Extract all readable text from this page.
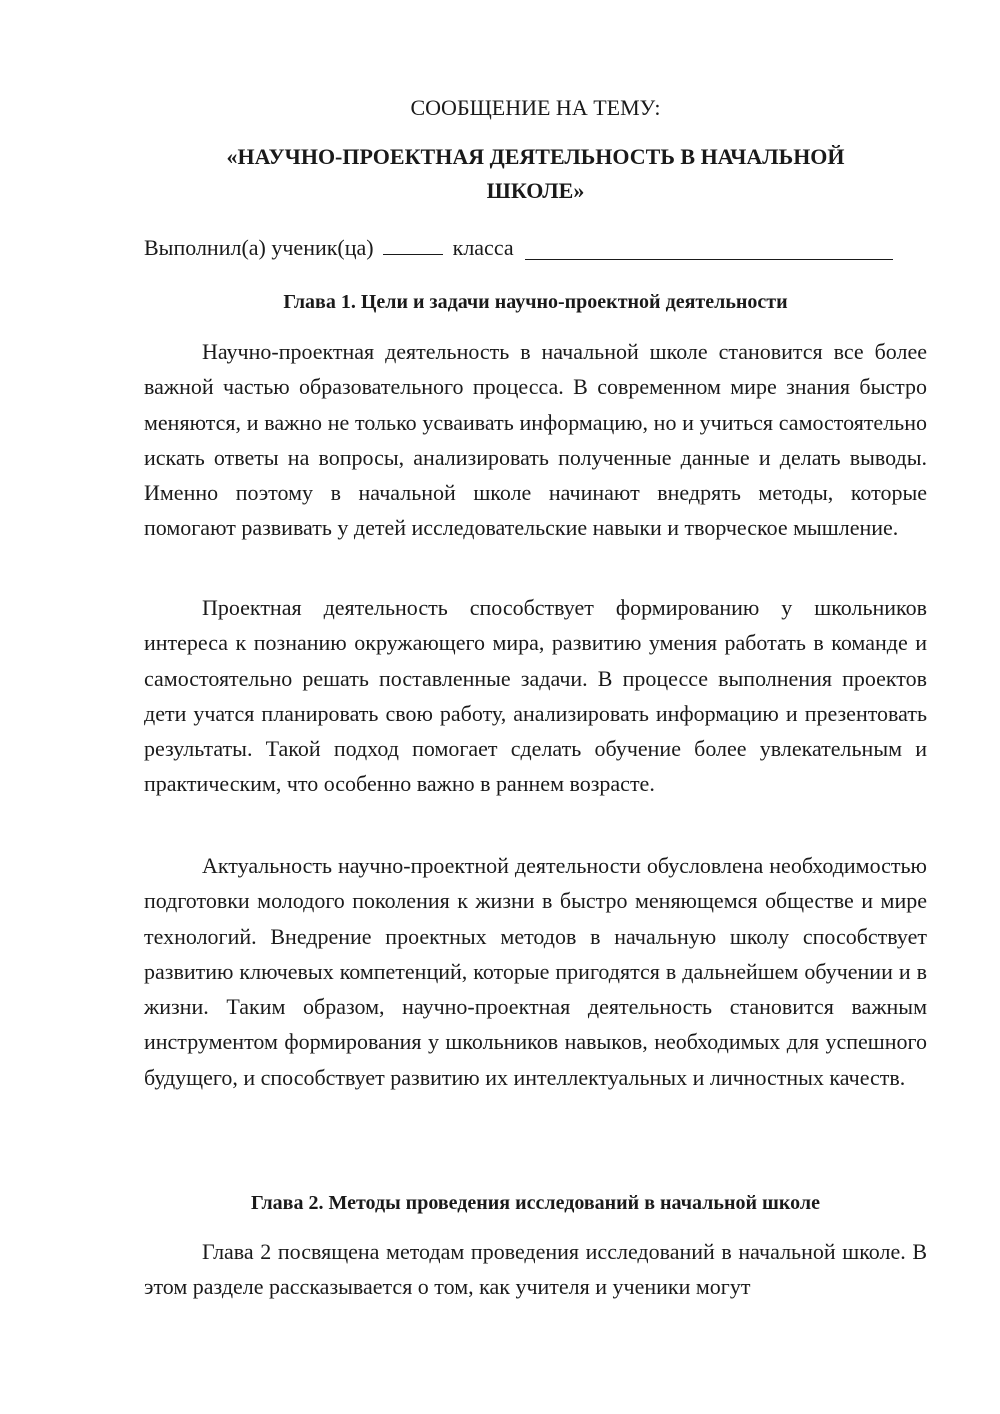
СООБЩЕНИЕ НА ТЕМУ:
«НАУЧНО-ПРОЕКТНАЯ ДЕЯТЕЛЬНОСТЬ В НАЧАЛЬНОЙ
ШКОЛЕ»
Выполнил(а) ученик(ца)	класса
Глава 1. Цели и задачи научно-проектной деятельности

Научно-проектная деятельность в начальной школе становится все более важной частью образовательного процесса. В современном мире знания быстро меняются, и важно не только усваивать информацию, но и учиться самостоятельно искать ответы на вопросы, анализировать полученные данные и делать выводы. Именно поэтому в начальной школе начинают внедрять методы, которые помогают развивать у детей исследовательские навыки и творческое мышление.

Проектная деятельность способствует формированию у школьников интереса к познанию окружающего мира, развитию умения работать в команде и самостоятельно решать поставленные задачи. В процессе выполнения проектов дети учатся планировать свою работу, анализировать информацию и презентовать результаты. Такой подход помогает сделать обучение более увлекательным и практическим, что особенно важно в раннем возрасте.

Актуальность научно-проектной деятельности обусловлена необходимостью подготовки молодого поколения к жизни в быстро меняющемся обществе и мире технологий. Внедрение проектных методов в начальную школу способствует развитию ключевых компетенций, которые пригодятся в дальнейшем обучении и в жизни. Таким образом, научно-проектная деятельность становится важным инструментом формирования у школьников навыков, необходимых для успешного будущего, и способствует развитию их интеллектуальных и личностных качеств.

Глава 2. Методы проведения исследований в начальной школе

Глава 2 посвящена методам проведения исследований в начальной школе. В этом разделе рассказывается о том, как учителя и ученики могут
